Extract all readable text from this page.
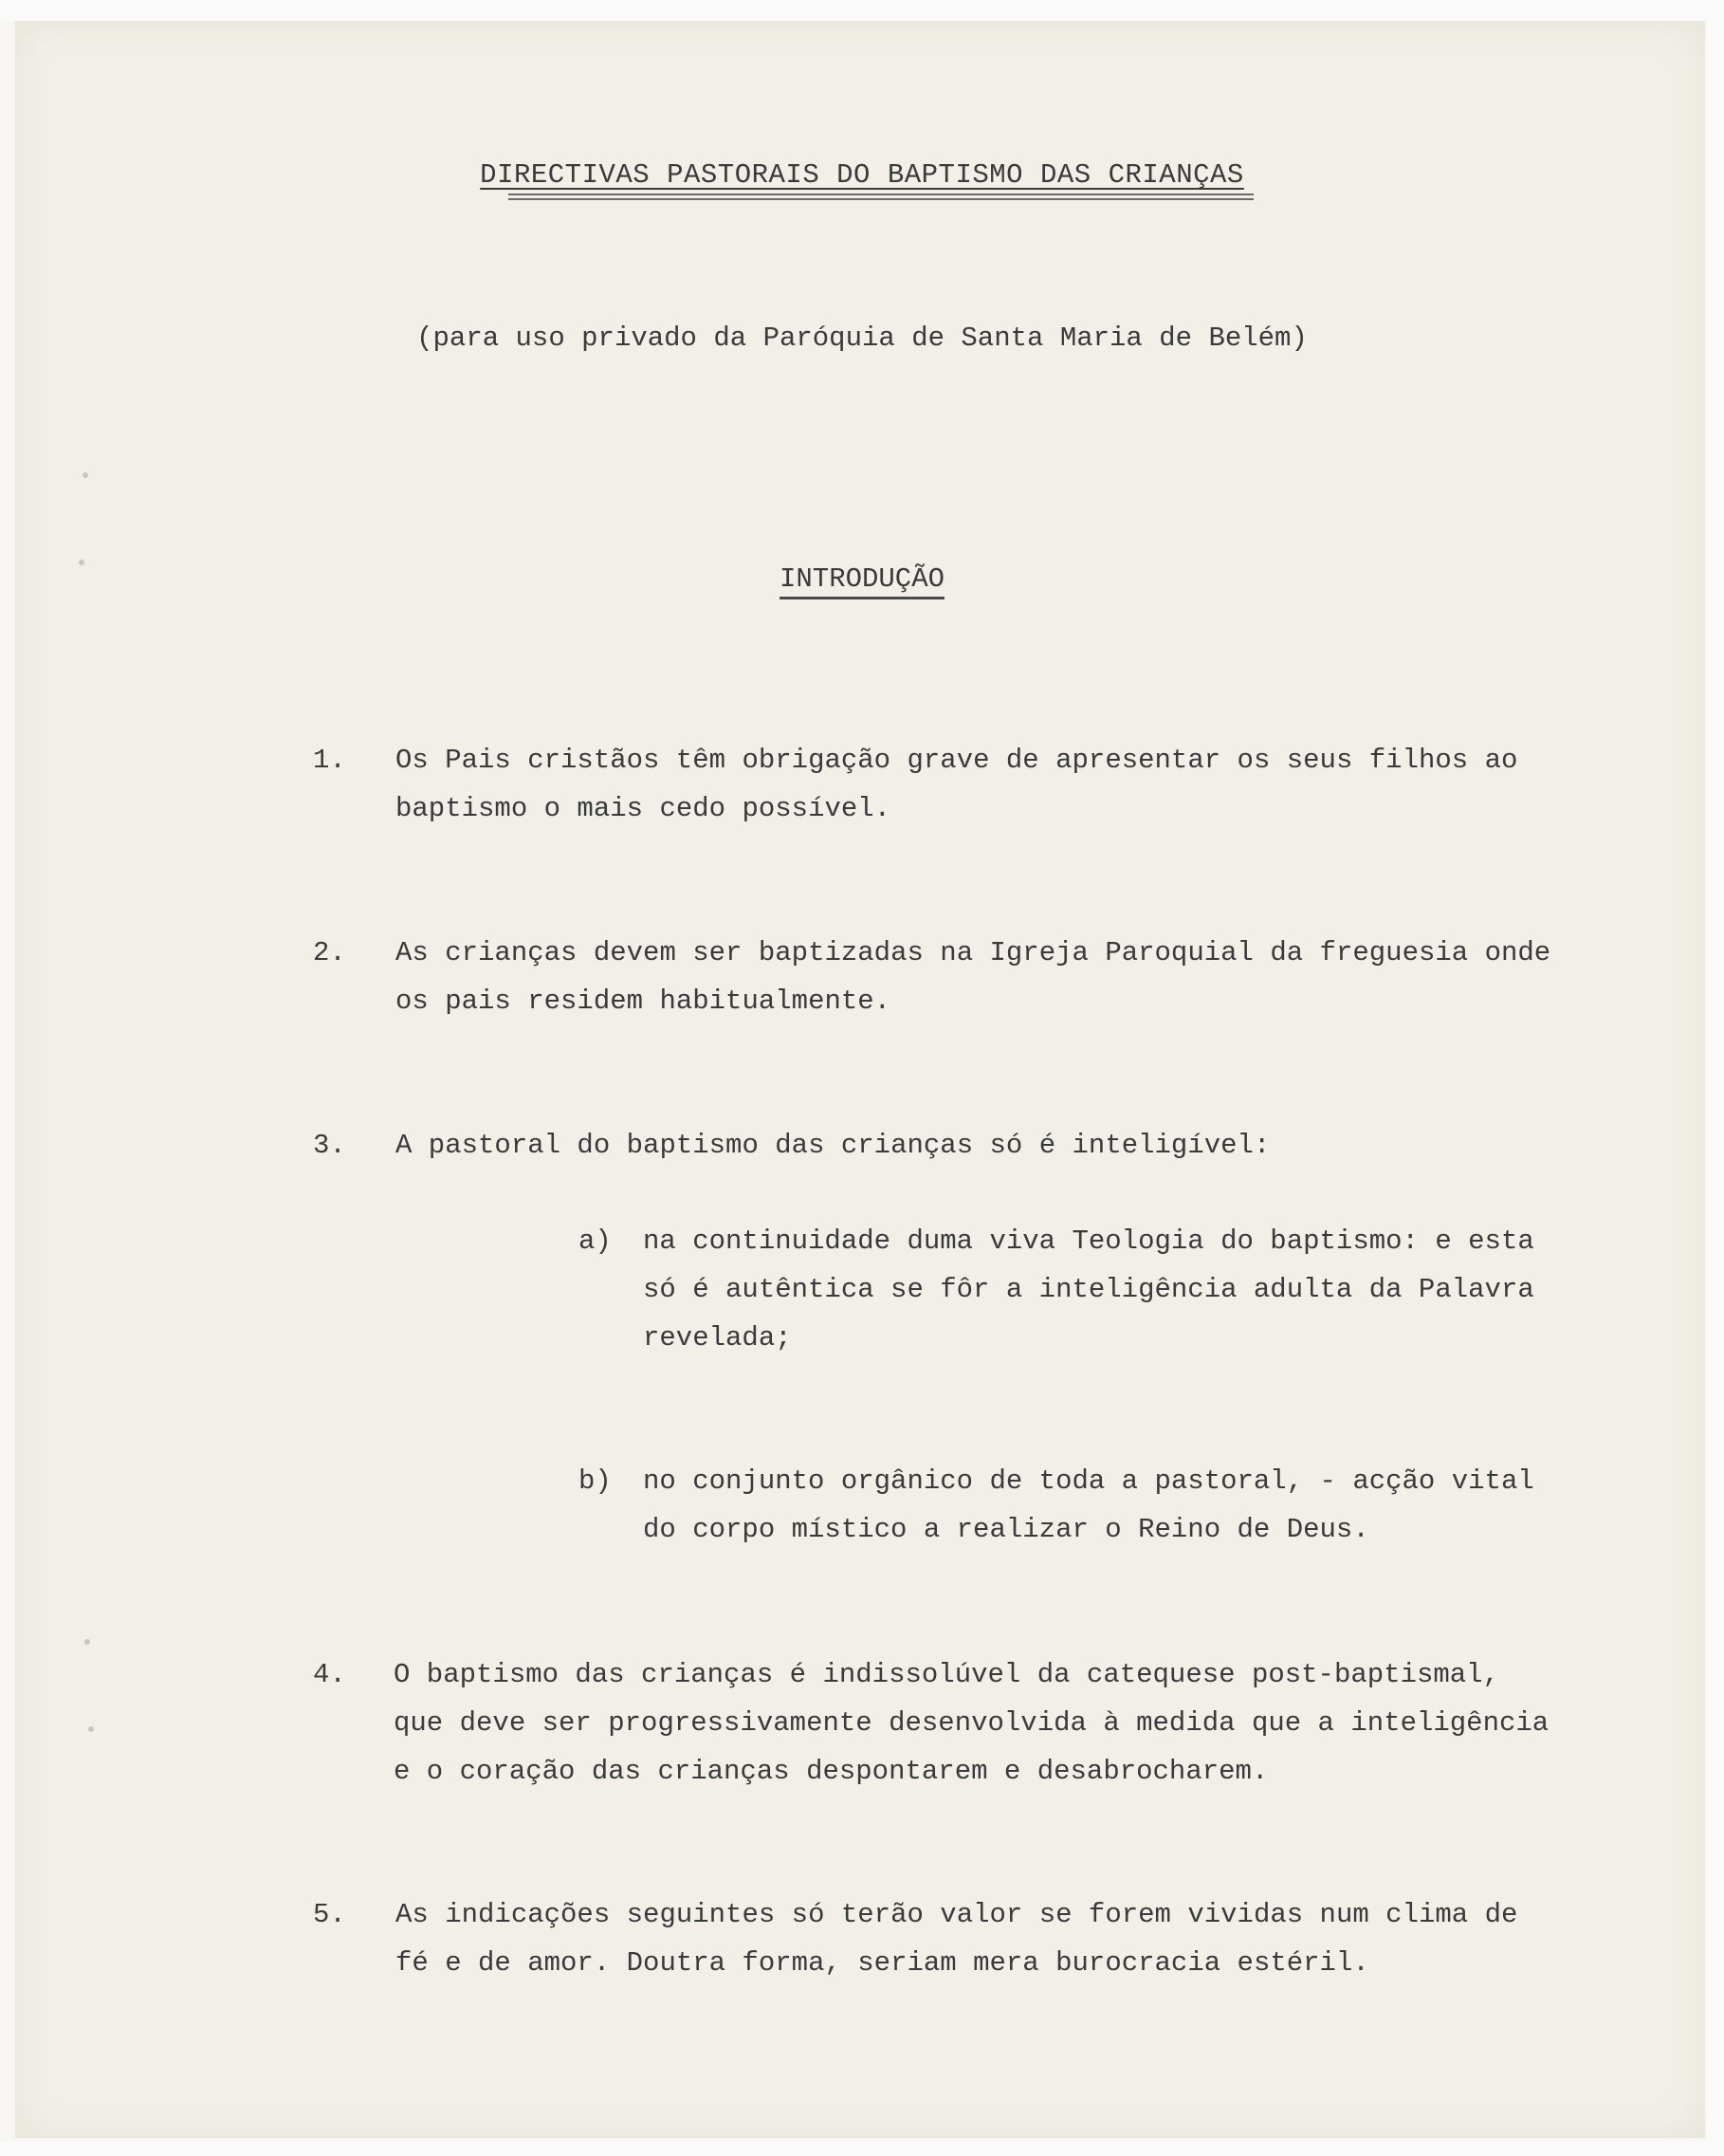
DIRECTIVAS PASTORAIS DO BAPTISMO DAS CRIANÇAS
(para uso privado da Paróquia de Santa Maria de Belém)
INTRODUÇÃO
1. Os Pais cristãos têm obrigação grave de apresentar os seus filhos ao
baptismo o mais cedo possível.
2. As crianças devem ser baptizadas na Igreja Paroquial da freguesia onde
os pais residem habitualmente.
3. A pastoral do baptismo das crianças só é inteligível:
a) na continuidade duma viva Teologia do baptismo: e esta
só é autêntica se fôr a inteligência adulta da Palavra
revelada;
b) no conjunto orgânico de toda a pastoral, - acção vital
do corpo místico a realizar o Reino de Deus.
4. O baptismo das crianças é indissolúvel da catequese post-baptismal,
que deve ser progressivamente desenvolvida à medida que a inteligência
e o coração das crianças despontarem e desabrocharem.
5. As indicações seguintes só terão valor se forem vividas num clima de
fé e de amor. Doutra forma, seriam mera burocracia estéril.
